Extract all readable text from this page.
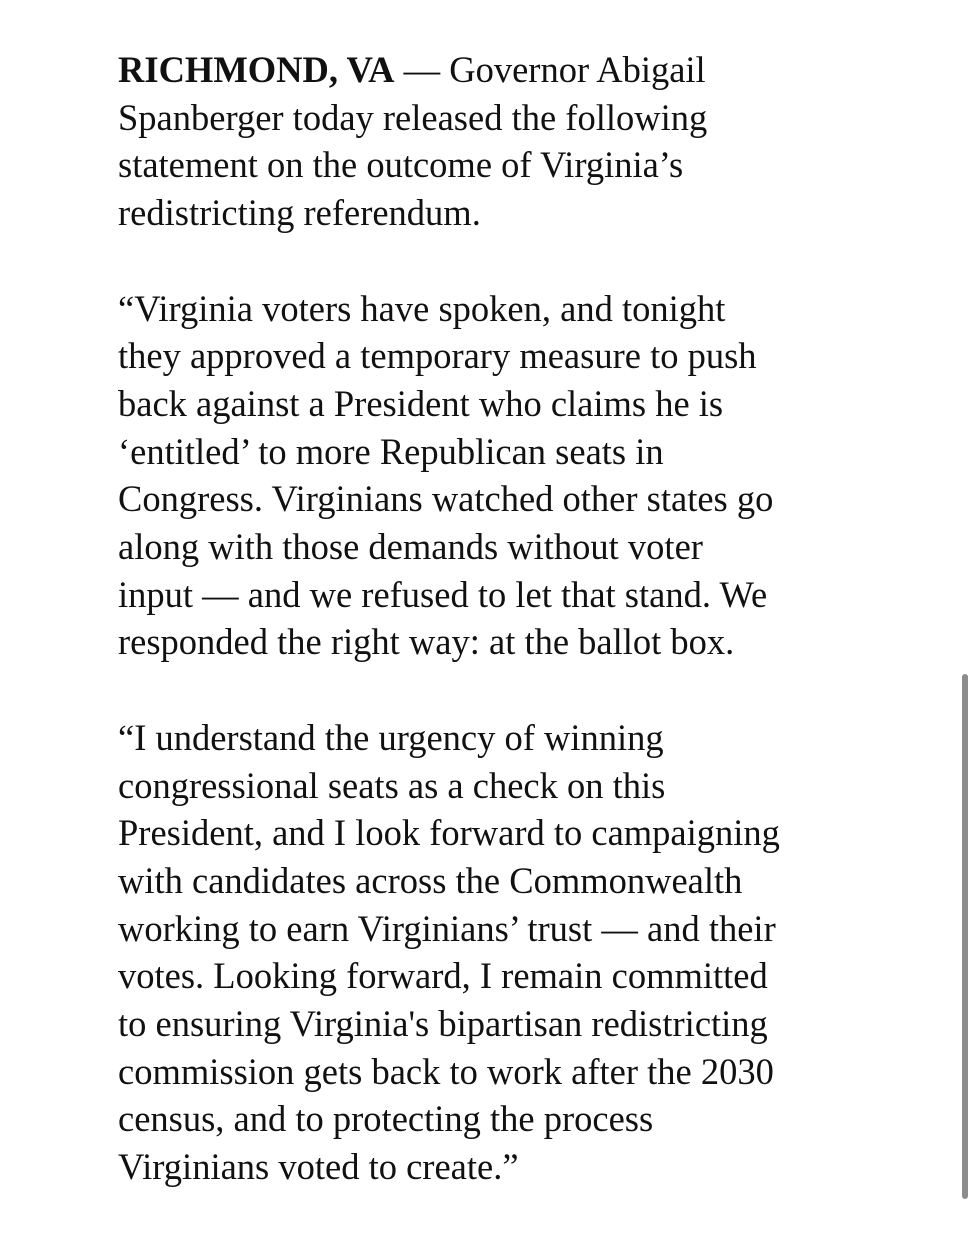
RICHMOND, VA — Governor Abigail
Spanberger today released the following
statement on the outcome of Virginia’s
redistricting referendum.

“Virginia voters have spoken, and tonight
they approved a temporary measure to push
back against a President who claims he is
‘entitled’ to more Republican seats in
Congress. Virginians watched other states go
along with those demands without voter
input — and we refused to let that stand. We
responded the right way: at the ballot box.

“I understand the urgency of winning
congressional seats as a check on this
President, and I look forward to campaigning
with candidates across the Commonwealth
working to earn Virginians’ trust — and their
votes. Looking forward, I remain committed
to ensuring Virginia's bipartisan redistricting
commission gets back to work after the 2030
census, and to protecting the process
Virginians voted to create.”
